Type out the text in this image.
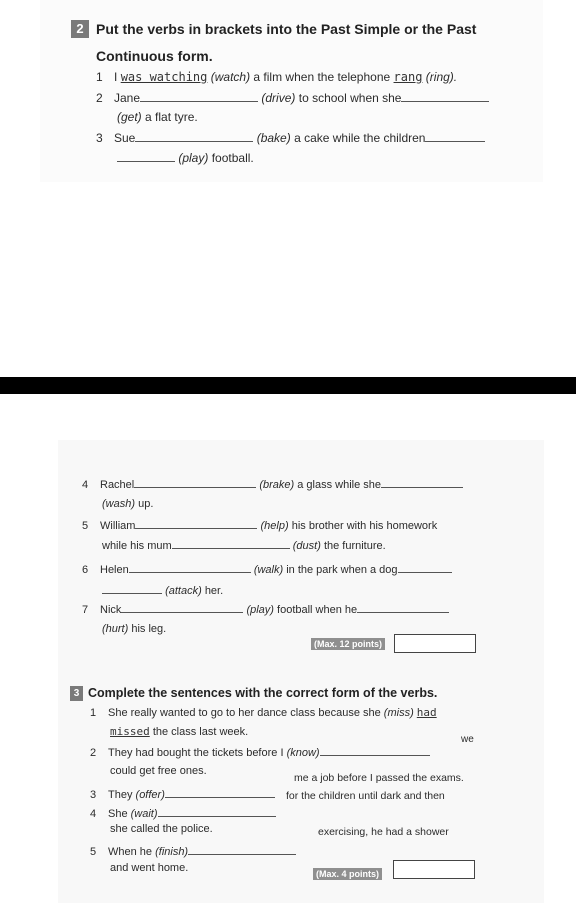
2 Put the verbs in brackets into the Past Simple or the Past
Continuous form.
1 I was watching (watch) a film when the telephone rang (ring).
2 Jane	(drive) to school when she
(get) a flat tyre.
3 Sue	(bake) a cake while the children
(play) football.
4 Rachel	(brake) a glass while she
(wash) up.
5 William	(help) his brother with his homework
while his mum	(dust) the furniture.
6 Helen	(walk) in the park when a dog
(attack) her.
7 Nick	(play) football when he
(hurt) his leg.
(Max. 12 points)
3 Complete the sentences with the correct form of the verbs.
1 She really wanted to go to her dance class because she (miss) had
missed the class last week.
2 They had bought the tickets before I (know)
we
could get free ones.
3 They (offer)
me a job before I passed the exams.
4 She (wait)
for the children until dark and then
she called the police.
5 When he (finish)
exercising, he had a shower
and went home.	(Max. 4 points)
